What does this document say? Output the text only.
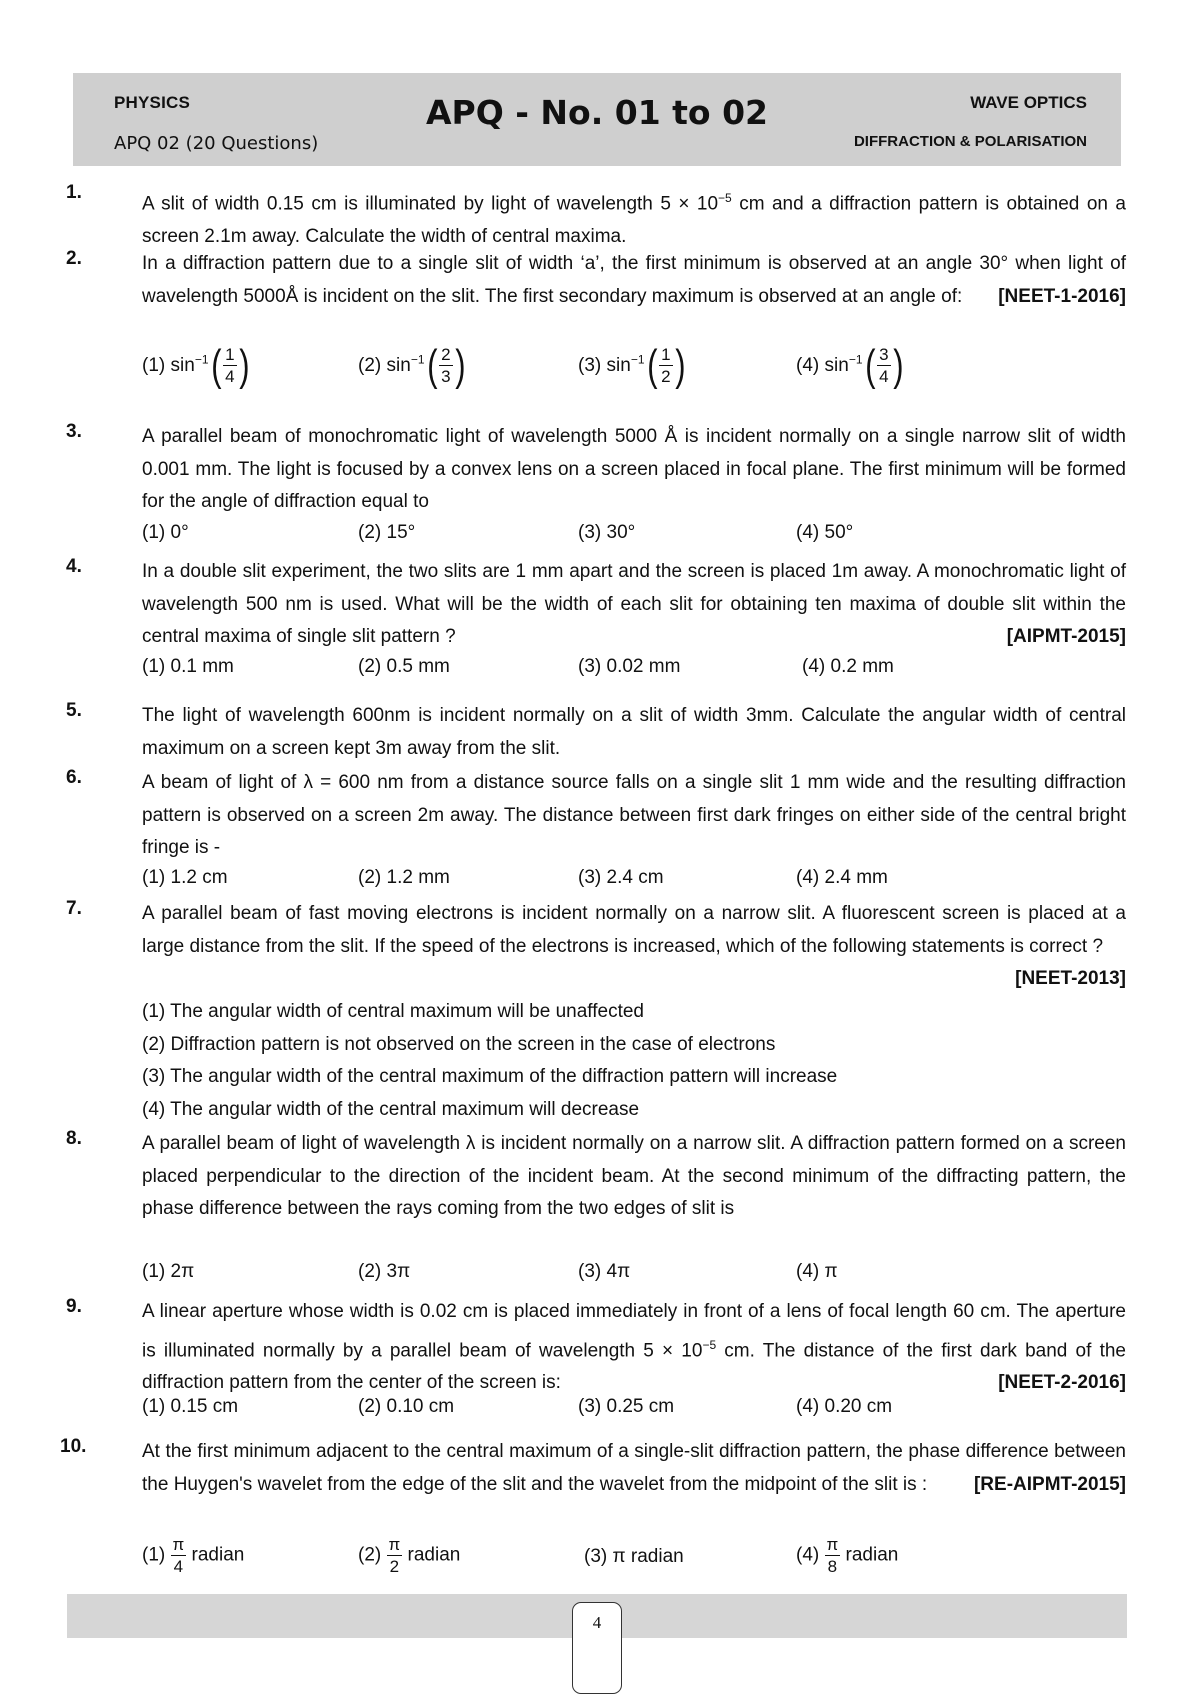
PHYSICS
APQ 02 (20 Questions)
APQ - No. 01 to 02	WAVE OPTICS
DIFFRACTION & POLARISATION
1.
A slit of width 0.15 cm is illuminated by light of wavelength $5 \times 10^{-5}$ cm and a diffraction pattern is obtained on a screen 2.1m away. Calculate the width of central maxima.
2.	In a diffraction pattern due to a single slit of width ‘a’, the first minimum is observed at an angle 30° when light of wavelength 5000Å is incident on the slit. The first secondary maximum is observed at an angle of: [NEET-1-2016]
(1) $\sin^{-1}( \frac{1}{4}$ )	(2) $\sin^{-1}( \frac{2}{3}$ )	(3) $\sin^{-1}( \frac{1}{2}$ )	(4) $\sin^{-1}( \frac{3}{4}$ )
3.	A parallel beam of monochromatic light of wavelength 5000 Å is incident normally on a single narrow slit of width 0.001 mm. The light is focused by a convex lens on a screen placed in focal plane. The first minimum will be formed for the angle of diffraction equal to
(1) 0°	(2) 15°	(3) 30°	(4) 50°
4.	In a double slit experiment, the two slits are 1 mm apart and the screen is placed 1m away. A monochromatic light of wavelength 500 nm is used. What will be the width of each slit for obtaining ten maxima of double slit within the central maxima of single slit pattern ?	[AIPMT-2015]
(1) 0.1 mm	(2) 0.5 mm	(3) 0.02 mm	(4) 0.2 mm
5.	The light of wavelength 600nm is incident normally on a slit of width 3mm. Calculate the angular width of central maximum on a screen kept 3m away from the slit.
6.	A beam of light of λ = 600 nm from a distance source falls on a single slit 1 mm wide and the resulting diffraction pattern is observed on a screen 2m away. The distance between first dark fringes on either side of the central bright fringe is -
(1) 1.2 cm	(2) 1.2 mm	(3) 2.4 cm	(4) 2.4 mm
7.	A parallel beam of fast moving electrons is incident normally on a narrow slit. A fluorescent screen is placed at a large distance from the slit. If the speed of the electrons is increased, which of the following statements is correct ?
[NEET-2013]
(1) The angular width of central maximum will be unaffected
(2) Diffraction pattern is not observed on the screen in the case of electrons
(3) The angular width of the central maximum of the diffraction pattern will increase
(4) The angular width of the central maximum will decrease
8.	A parallel beam of light of wavelength λ is incident normally on a narrow slit. A diffraction pattern formed on a screen placed perpendicular to the direction of the incident beam. At the second minimum of the diffracting pattern, the phase difference between the rays coming from the two edges of slit is
(1) 2π	(2) 3π	(3) 4π	(4) π
9.	A linear aperture whose width is 0.02 cm is placed immediately in front of a lens of focal length 60 cm. The aperture is illuminated normally by a parallel beam of wavelength $5 \times 10^{-5}$ cm. The distance of the first dark band of the diffraction pattern from the center of the screen is:	[NEET-2-2016]
(1) 0.15 cm	(2) 0.10 cm	(3) 0.25 cm	(4) 0.20 cm
10.	At the first minimum adjacent to the central maximum of a single-slit diffraction pattern, the phase difference between the Huygen's wavelet from the edge of the slit and the wavelet from the midpoint of the slit is : [RE-AIPMT-2015]
$(1) \frac{\pi}{4}$ radian	$(2) \frac{\pi}{2}$ radian	(3) π radian	$(4) \frac{\pi}{8}$ radian
4
